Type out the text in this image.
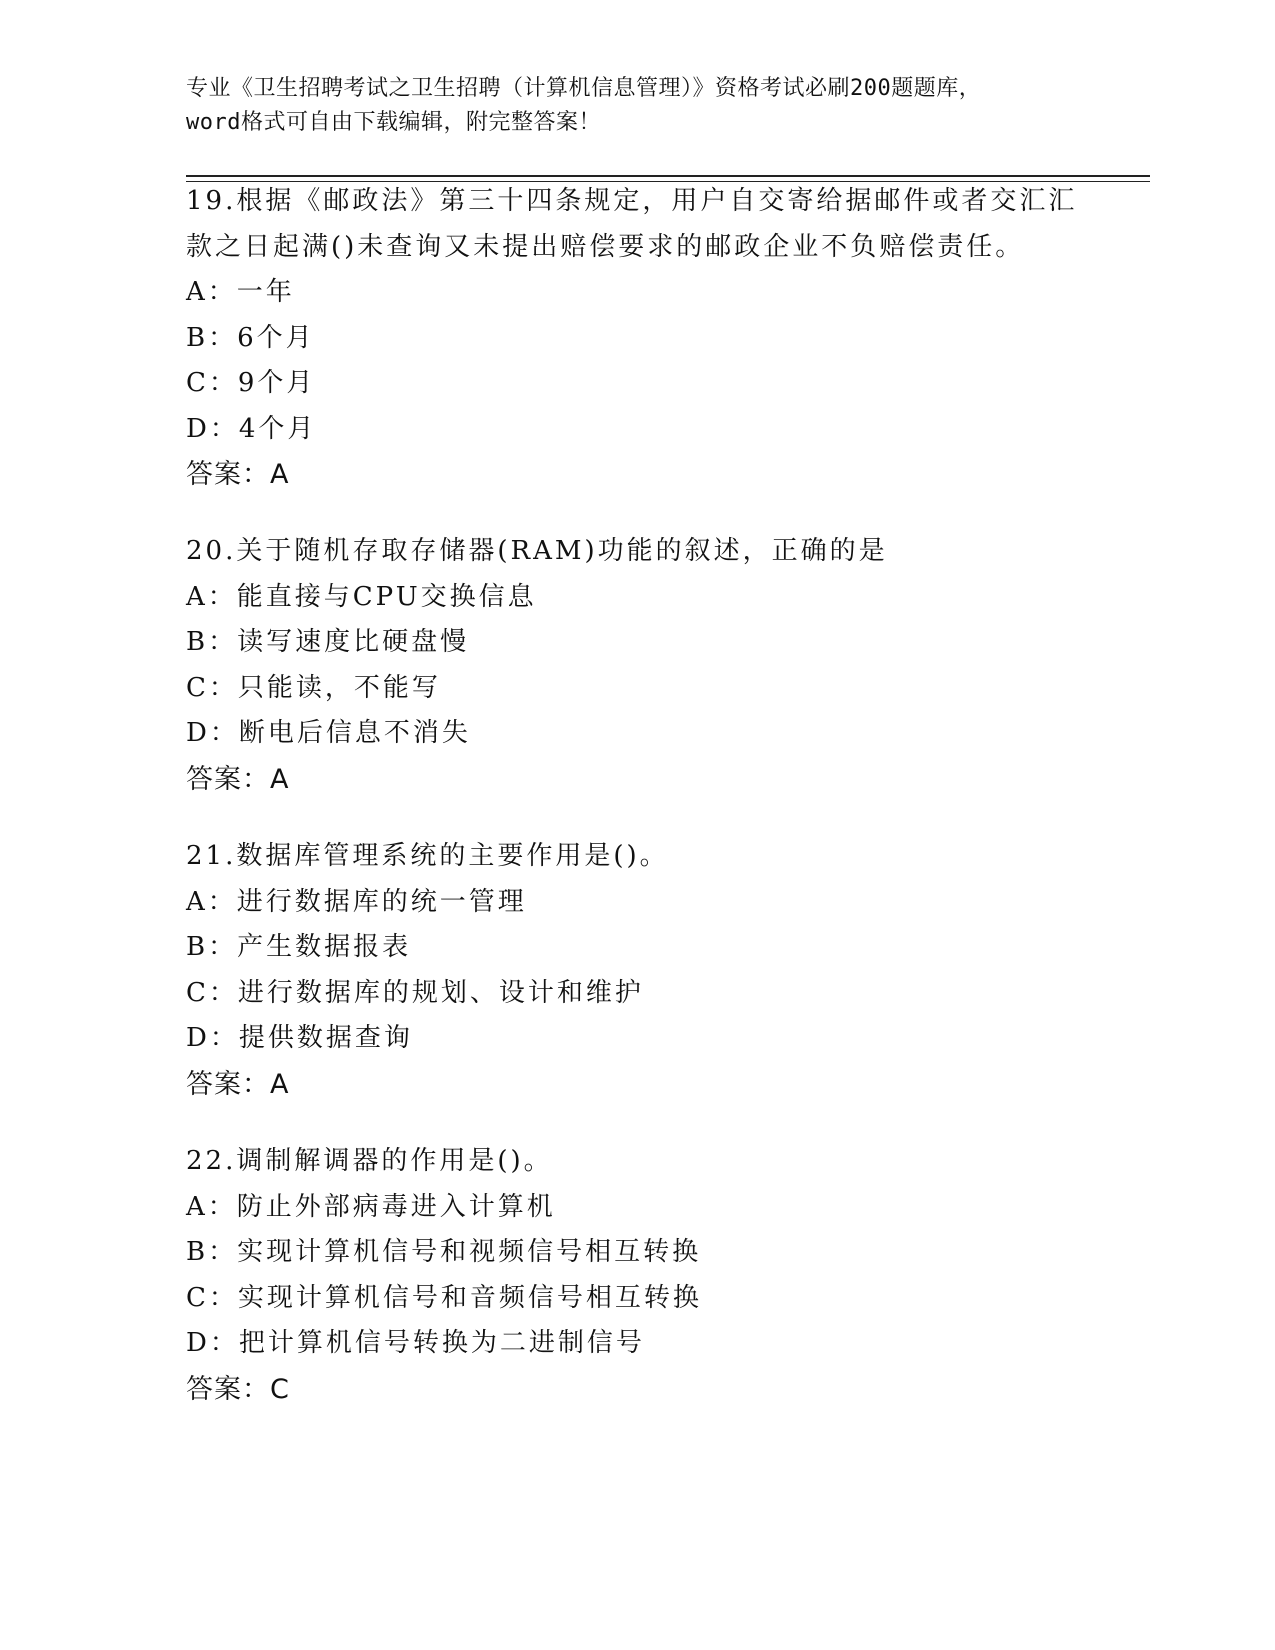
专业《卫生招聘考试之卫生招聘（计算机信息管理）》资格考试必刷200题题库，
word格式可自由下载编辑，附完整答案！
19.根据《邮政法》第三十四条规定，用户自交寄给据邮件或者交汇汇
款之日起满()未查询又未提出赔偿要求的邮政企业不负赔偿责任。
A：一年
B：6个月
C：9个月
D：4个月
答案：A
20.关于随机存取存储器(RAM)功能的叙述，正确的是
A：能直接与CPU交换信息
B：读写速度比硬盘慢
C：只能读，不能写
D：断电后信息不消失
答案：A
21.数据库管理系统的主要作用是()。
A：进行数据库的统一管理
B：产生数据报表
C：进行数据库的规划、设计和维护
D：提供数据查询
答案：A
22.调制解调器的作用是()。
A：防止外部病毒进入计算机
B：实现计算机信号和视频信号相互转换
C：实现计算机信号和音频信号相互转换
D：把计算机信号转换为二进制信号
答案：C
